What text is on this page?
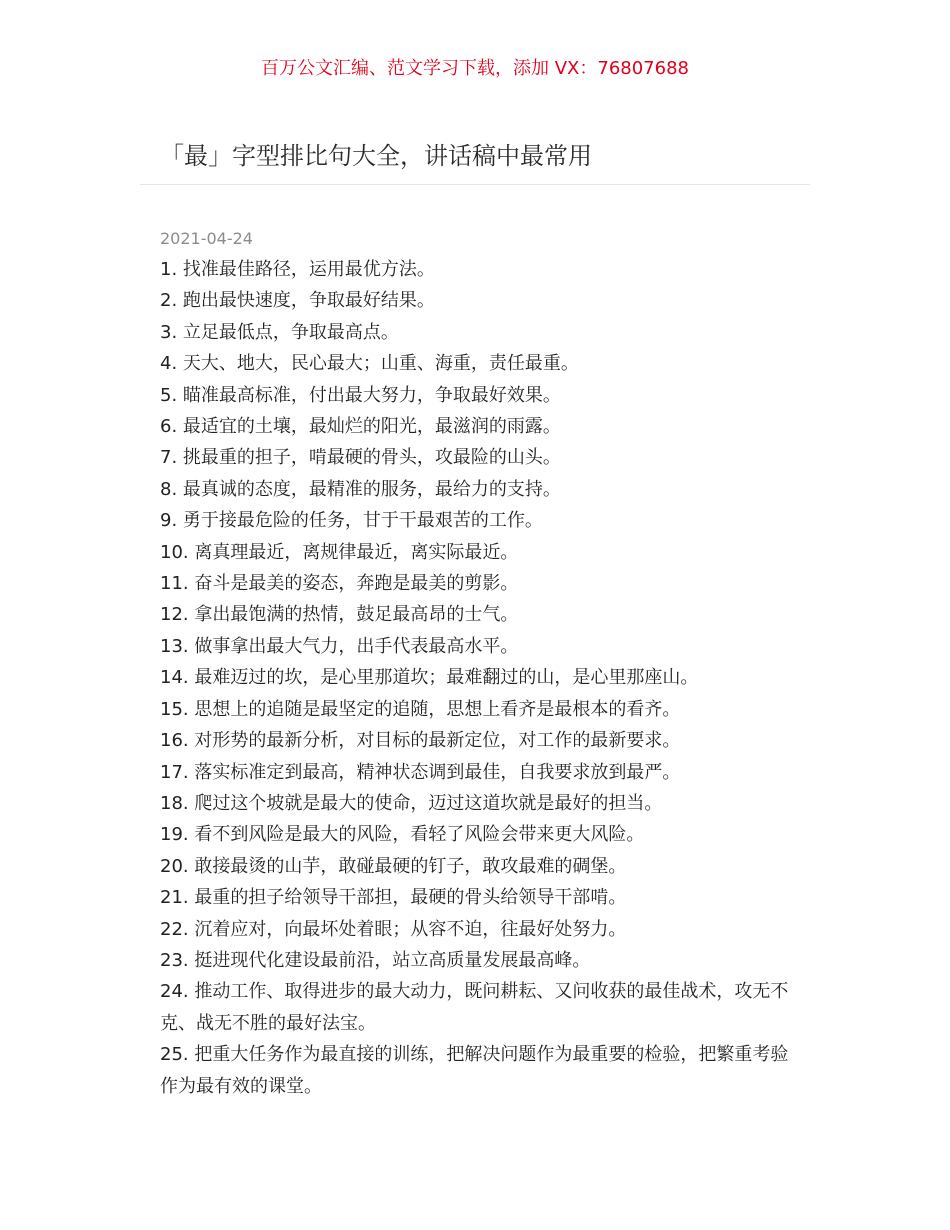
百万公文汇编、范文学习下载，添加 VX：76807688
「最」字型排比句大全，讲话稿中最常用
2021-04-24
1. 找准最佳路径，运用最优方法。
2. 跑出最快速度，争取最好结果。
3. 立足最低点，争取最高点。
4. 天大、地大，民心最大；山重、海重，责任最重。
5. 瞄准最高标准，付出最大努力，争取最好效果。
6. 最适宜的土壤，最灿烂的阳光，最滋润的雨露。
7. 挑最重的担子，啃最硬的骨头，攻最险的山头。
8. 最真诚的态度，最精准的服务，最给力的支持。
9. 勇于接最危险的任务，甘于干最艰苦的工作。
10. 离真理最近，离规律最近，离实际最近。
11. 奋斗是最美的姿态，奔跑是最美的剪影。
12. 拿出最饱满的热情，鼓足最高昂的士气。
13. 做事拿出最大气力，出手代表最高水平。
14. 最难迈过的坎，是心里那道坎；最难翻过的山，是心里那座山。
15. 思想上的追随是最坚定的追随，思想上看齐是最根本的看齐。
16. 对形势的最新分析，对目标的最新定位，对工作的最新要求。
17. 落实标准定到最高，精神状态调到最佳，自我要求放到最严。
18. 爬过这个坡就是最大的使命，迈过这道坎就是最好的担当。
19. 看不到风险是最大的风险，看轻了风险会带来更大风险。
20. 敢接最烫的山芋，敢碰最硬的钉子，敢攻最难的碉堡。
21. 最重的担子给领导干部担，最硬的骨头给领导干部啃。
22. 沉着应对，向最坏处着眼；从容不迫，往最好处努力。
23. 挺进现代化建设最前沿，站立高质量发展最高峰。
24. 推动工作、取得进步的最大动力，既问耕耘、又问收获的最佳战术，攻无不克、战无不胜的最好法宝。
25. 把重大任务作为最直接的训练，把解决问题作为最重要的检验，把繁重考验作为最有效的课堂。
